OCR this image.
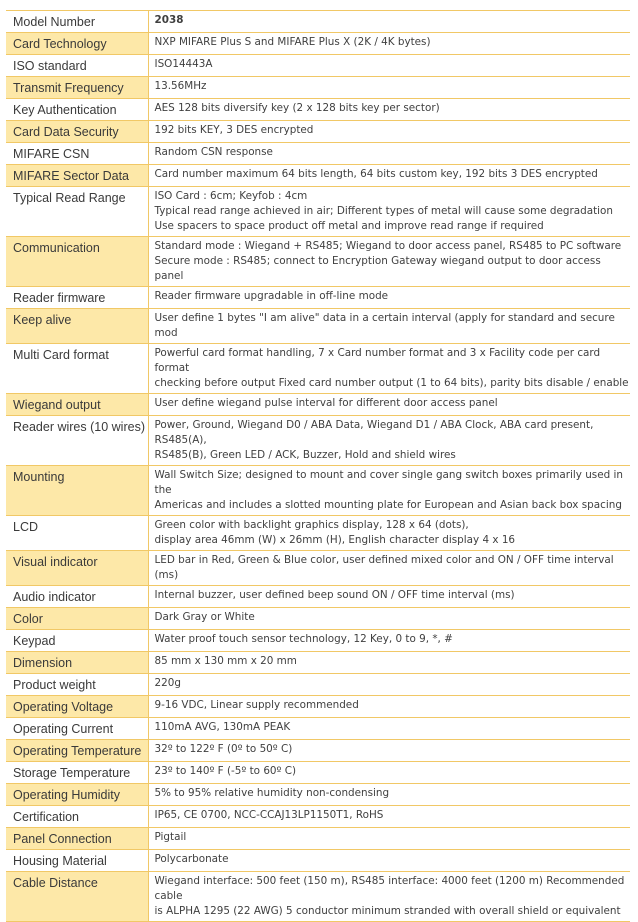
Model Number	2038
Card Technology	NXP MIFARE Plus S and MIFARE Plus X (2K / 4K bytes)
ISO standard	ISO14443A
Transmit Frequency	13.56MHz
Key Authentication	AES 128 bits diversify key (2 x 128 bits key per sector)
Card Data Security	192 bits KEY, 3 DES encrypted
MIFARE CSN	Random CSN response
MIFARE Sector Data	Card number maximum 64 bits length, 64 bits custom key, 192 bits 3 DES encrypted
Typical Read Range	ISO Card : 6cm; Keyfob : 4cm
Typical read range achieved in air; Different types of metal will cause some degradation
Use spacers to space product off metal and improve read range if required
Communication	Standard mode : Wiegand + RS485; Wiegand to door access panel, RS485 to PC software
Secure mode : RS485; connect to Encryption Gateway wiegand output to door access panel
Reader firmware	Reader firmware upgradable in off-line mode
Keep alive	User define 1 bytes "I am alive" data in a certain interval (apply for standard and secure mod
Multi Card format	Powerful card format handling, 7 x Card number format and 3 x Facility code per card format
checking before output Fixed card number output (1 to 64 bits), parity bits disable / enable
Wiegand output	User define wiegand pulse interval for different door access panel
Reader wires (10 wires)	Power, Ground, Wiegand D0 / ABA Data, Wiegand D1 / ABA Clock, ABA card present, RS485(A),
RS485(B), Green LED / ACK, Buzzer, Hold and shield wires
Mounting	Wall Switch Size; designed to mount and cover single gang switch boxes primarily used in the
Americas and includes a slotted mounting plate for European and Asian back box spacing
LCD	Green color with backlight graphics display, 128 x 64 (dots),
display area 46mm (W) x 26mm (H), English character display 4 x 16
Visual indicator	LED bar in Red, Green & Blue color, user defined mixed color and ON / OFF time interval (ms)
Audio indicator	Internal buzzer, user defined beep sound ON / OFF time interval (ms)
Color	Dark Gray or White
Keypad	Water proof touch sensor technology, 12 Key, 0 to 9, *, #
Dimension	85 mm x 130 mm x 20 mm
Product weight	220g
Operating Voltage	9-16 VDC, Linear supply recommended
Operating Current	110mA AVG, 130mA PEAK
Operating Temperature	32º to 122º F (0º to 50º C)
Storage Temperature	23º to 140º F (-5º to 60º C)
Operating Humidity	5% to 95% relative humidity non-condensing
Certification	IP65, CE 0700, NCC-CCAJ13LP1150T1, RoHS
Panel Connection	Pigtail
Housing Material	Polycarbonate
Cable Distance	Wiegand interface: 500 feet (150 m), RS485 interface: 4000 feet (1200 m) Recommended cable
is ALPHA 1295 (22 AWG) 5 conductor minimum stranded with overall shield or equivalent
